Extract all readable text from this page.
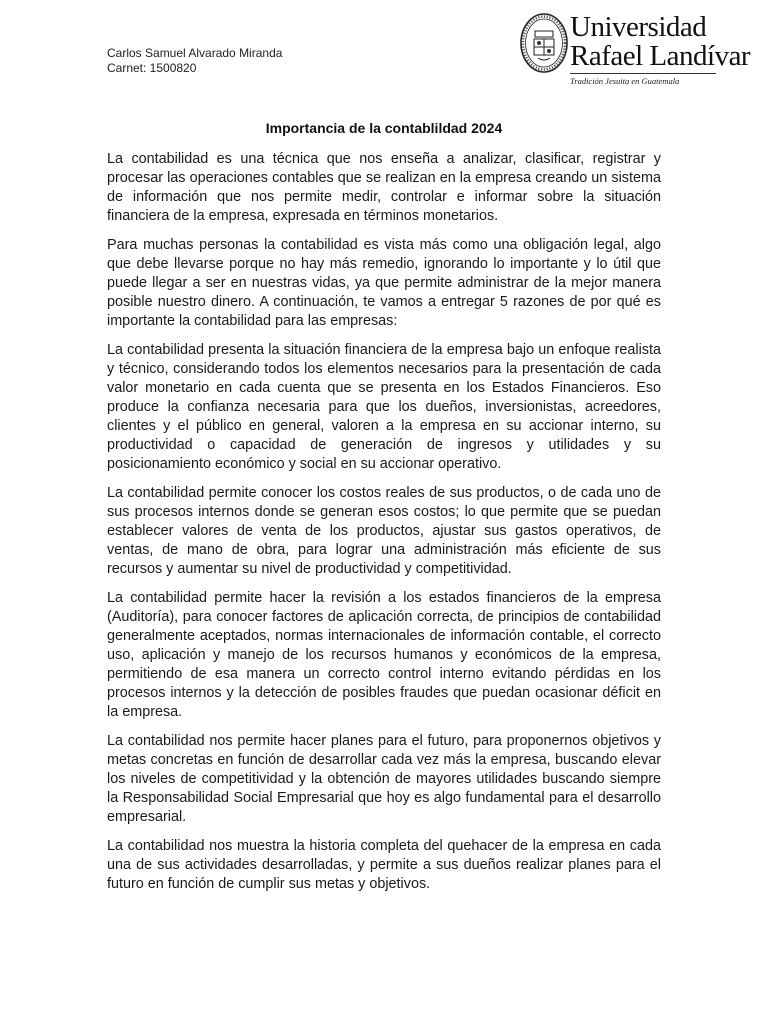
Carlos Samuel Alvarado Miranda
Carnet: 1500820
Universidad
Rafael Landívar
Tradición Jesuita en Guatemala
Importancia de la contablildad 2024

La contabilidad es una técnica que nos enseña a analizar, clasificar, registrar y procesar las operaciones contables que se realizan en la empresa creando un sistema de información que nos permite medir, controlar e informar sobre la situación financiera de la empresa, expresada en términos monetarios.

Para muchas personas la contabilidad es vista más como una obligación legal, algo que debe llevarse porque no hay más remedio, ignorando lo importante y lo útil que puede llegar a ser en nuestras vidas, ya que permite administrar de la mejor manera posible nuestro dinero. A continuación, te vamos a entregar 5 razones de por qué es importante la contabilidad para las empresas:

La contabilidad presenta la situación financiera de la empresa bajo un enfoque realista y técnico, considerando todos los elementos necesarios para la presentación de cada valor monetario en cada cuenta que se presenta en los Estados Financieros. Eso produce la confianza necesaria para que los dueños, inversionistas, acreedores, clientes y el público en general, valoren a la empresa en su accionar interno, su productividad o capacidad de generación de ingresos y utilidades y su posicionamiento económico y social en su accionar operativo.

La contabilidad permite conocer los costos reales de sus productos, o de cada uno de sus procesos internos donde se generan esos costos; lo que permite que se puedan establecer valores de venta de los productos, ajustar sus gastos operativos, de ventas, de mano de obra, para lograr una administración más eficiente de sus recursos y aumentar su nivel de productividad y competitividad.

La contabilidad permite hacer la revisión a los estados financieros de la empresa (Auditoría), para conocer factores de aplicación correcta, de principios de contabilidad generalmente aceptados, normas internacionales de información contable, el correcto uso, aplicación y manejo de los recursos humanos y económicos de la empresa, permitiendo de esa manera un correcto control interno evitando pérdidas en los procesos internos y la detección de posibles fraudes que puedan ocasionar déficit en la empresa.

La contabilidad nos permite hacer planes para el futuro, para proponernos objetivos y metas concretas en función de desarrollar cada vez más la empresa, buscando elevar los niveles de competitividad y la obtención de mayores utilidades buscando siempre la Responsabilidad Social Empresarial que hoy es algo fundamental para el desarrollo empresarial.

La contabilidad nos muestra la historia completa del quehacer de la empresa en cada una de sus actividades desarrolladas, y permite a sus dueños realizar planes para el futuro en función de cumplir sus metas y objetivos.
